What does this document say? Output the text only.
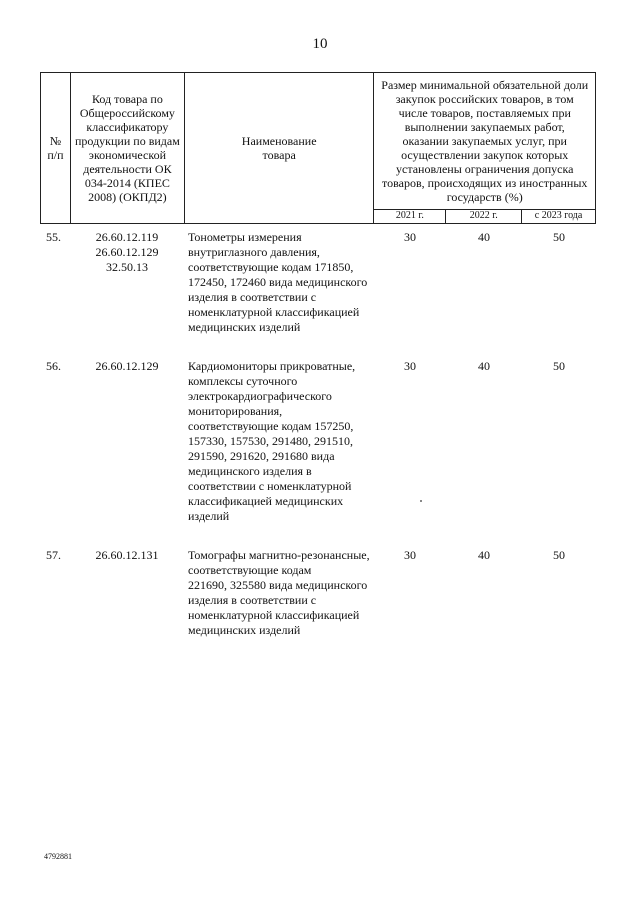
10
№
п/п	Код товара по Общероссийскому классификатору продукции по видам экономической деятельности ОК 034-2014 (КПЕС 2008) (ОКПД2)	Наименование
товара	Размер минимальной обязательной доли закупок российских товаров, в том числе товаров, поставляемых при выполнении закупаемых работ, оказании закупаемых услуг, при осуществлении закупок которых установлены ограничения допуска товаров, происходящих из иностранных государств (%)		
			2021 г.	2022 г.	с 2023 года
55.	26.60.12.119
26.60.12.129
32.50.13	Тонометры измерения внутриглазного давления, соответствующие кодам 171850, 172450, 172460 вида медицинского изделия в соответствии с номенклатурной классификацией медицинских изделий	30	40	50

56.	26.60.12.129	Кардиомониторы прикроватные, комплексы суточного электрокардиографического мониторирования, соответствующие кодам 157250, 157330, 157530, 291480, 291510, 291590, 291620, 291680 вида медицинского изделия в соответствии с номенклатурной классификацией медицинских изделий	30	40	50

57.	26.60.12.131	Томографы магнитно-резонансные, соответствующие кодам
221690, 325580 вида медицинского изделия в соответствии с номенклатурной классификацией медицинских изделий	30	40	50
4792881
